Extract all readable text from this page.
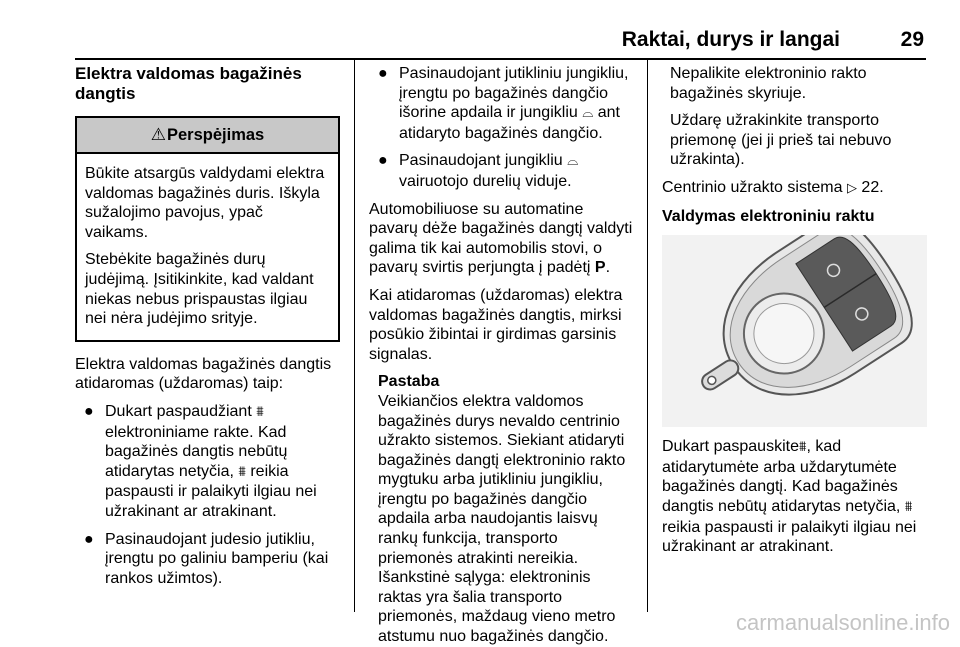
Raktai, durys ir langai	29
Elektra valdomas bagažinės dangtis
⚠Perspėjimas

Būkite atsargūs valdydami elektra valdomas bagažinės duris. Iškyla sužalojimo pavojus, ypač vaikams.

Stebėkite bagažinės durų judėjimą. Įsitikinkite, kad valdant niekas nebus prispaustas ilgiau nei nėra judėjimo srityje.

Elektra valdomas bagažinės dangtis atidaromas (uždaromas) taip:

● Dukart paspaudžiant ⩩ elektroniniame rakte. Kad bagažinės dangtis nebūtų atidarytas netyčia, ⩩ reikia paspausti ir palaikyti ilgiau nei užrakinant ar atrakinant.
● Pasinaudojant judesio jutikliu, įrengtu po galiniu bamperiu (kai rankos užimtos).
● Pasinaudojant jutikliniu jungikliu, įrengtu po bagažinės dangčio išorine apdaila ir jungikliu ⌓ ant atidaryto bagažinės dangčio.
● Pasinaudojant jungikliu ⌓ vairuotojo durelių viduje.

Automobiliuose su automatine pavarų dėže bagažinės dangtį valdyti galima tik kai automobilis stovi, o pavarų svirtis perjungta į padėtį P.

Kai atidaromas (uždaromas) elektra valdomas bagažinės dangtis, mirksi posūkio žibintai ir girdimas garsinis signalas.

Pastaba
Veikiančios elektra valdomos bagažinės durys nevaldo centrinio užrakto sistemos. Siekiant atidaryti bagažinės dangtį elektroninio rakto mygtuku arba jutikliniu jungikliu, įrengtu po bagažinės dangčio apdaila arba naudojantis laisvų rankų funkcija, transporto priemonės atrakinti nereikia. Išankstinė sąlyga: elektroninis raktas yra šalia transporto priemonės, maždaug vieno metro atstumu nuo bagažinės dangčio.

Nepalikite elektroninio rakto bagažinės skyriuje.

Uždarę užrakinkite transporto priemonę (jei ji prieš tai nebuvo užrakinta).

Centrinio užrakto sistema ▷ 22.

Valdymas elektroniniu raktu

Dukart paspauskite⩩, kad atidarytumėte arba uždarytumėte bagažinės dangtį. Kad bagažinės dangtis nebūtų atidarytas netyčia, ⩩ reikia paspausti ir palaikyti ilgiau nei užrakinant ar atrakinant.

carmanualsonline.info
